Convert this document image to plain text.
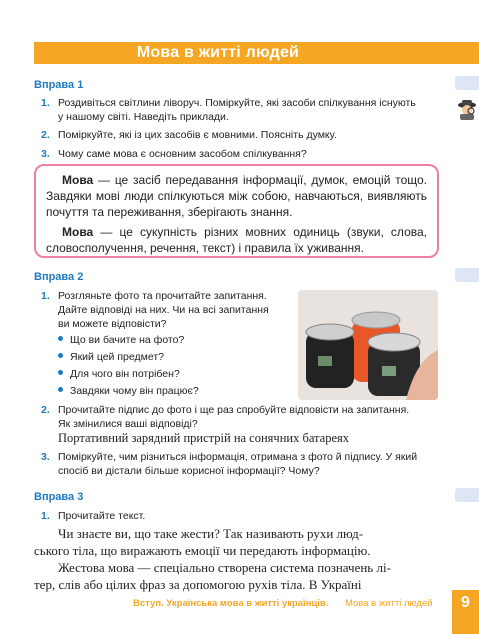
Мова в житті людей
Вправа 1
1. Роздивіться світлини ліворуч. Поміркуйте, які засоби спілкування існують
у нашому світі. Наведіть приклади.
2. Поміркуйте, які із цих засобів є мовними. Поясніть думку.
3. Чому саме мова є основним засобом спілкування?

Мова — це засіб передавання інформації, думок, емоцій тощо. Завдяки мові люди спілкуються між собою, навчаються, виявляють почуття та переживання, зберігають знання.

Мова — це сукупність різних мовних одиниць (звуки, слова, словосполучення, речення, текст) і правила їх уживання.

Вправа 2
1. Розгляньте фото та прочитайте запитання.
Дайте відповіді на них. Чи на всі запитання
ви можете відповісти?
Що ви бачите на фото?
Який цей предмет?
Для чого він потрібен?
Завдяки чому він працює?
2. Прочитайте підпис до фото і ще раз спробуйте відповісти на запитання.
Як змінилися ваші відповіді?
Портативний зарядний пристрій на сонячних батареях
3. Поміркуйте, чим різниться інформація, отримана з фото й підпису. У який
спосіб ви дістали більше корисної інформації? Чому?
Вправа 3
1. Прочитайте текст.
Чи знаєте ви, що таке жести? Так називають рухи люд-
ського тіла, що виражають емоції чи передають інформацію.
Жестова мова — спеціально створена система позначень лі-
тер, слів або цілих фраз за допомогою рухів тіла. В Україні
Вступ. Українська мова в житті українців. Мова в житті людей	9
